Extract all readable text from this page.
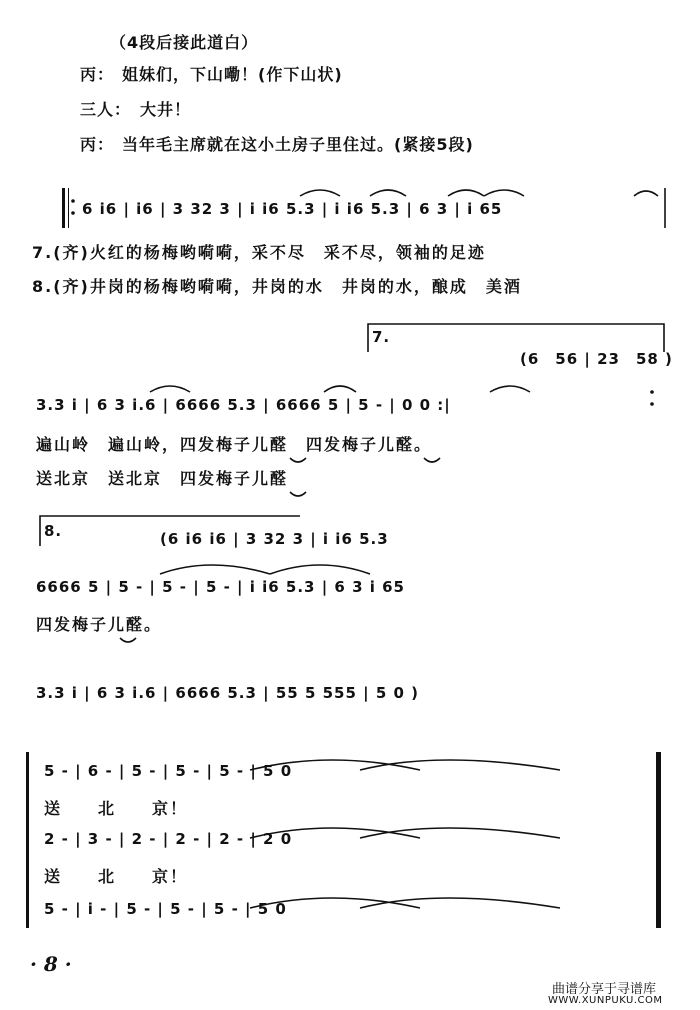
（4段后接此道白）
丙： 姐妹们，下山嘞！(作下山状)
三人： 大井！
丙： 当年毛主席就在这小土房子里住过。(紧接5段)
6 i6 | i6 | 3 32 3 | i i6 5.3 | i i6 5.3 | 6 3 | i 65
7.(齐)火红的杨梅哟嗬嗬，采不尽　采不尽，领袖的足迹
8.(齐)井岗的杨梅哟嗬嗬，井岗的水　井岗的水，酿成　美酒
7.
(6　56 | 23　58 )
3.3 i | 6 3 i.6 | 6666 5.3 | 6666 5 | 5 - | 0 0 :|
遍山岭　遍山岭，四发梅子儿醛　四发梅子儿醛。
送北京　送北京　四发梅子儿醛
8.	(6 i6 i6 | 3 32 3 | i i6 5.3
6666 5 | 5 - | 5 - | 5 - | i i6 5.3 | 6 3 i 65
四发梅子儿醛。
3.3 i | 6 3 i.6 | 6666 5.3 | 55 5 555 | 5 0 )
5 - | 6 - | 5 - | 5 - | 5 - | 5 0
送　　北　　京！
2 - | 3 - | 2 - | 2 - | 2 - | 2 0
送　　北　　京！
5 - | i - | 5 - | 5 - | 5 - | 5 0
· 8 ·
曲谱分享于寻谱库
WWW.XUNPUKU.COM
